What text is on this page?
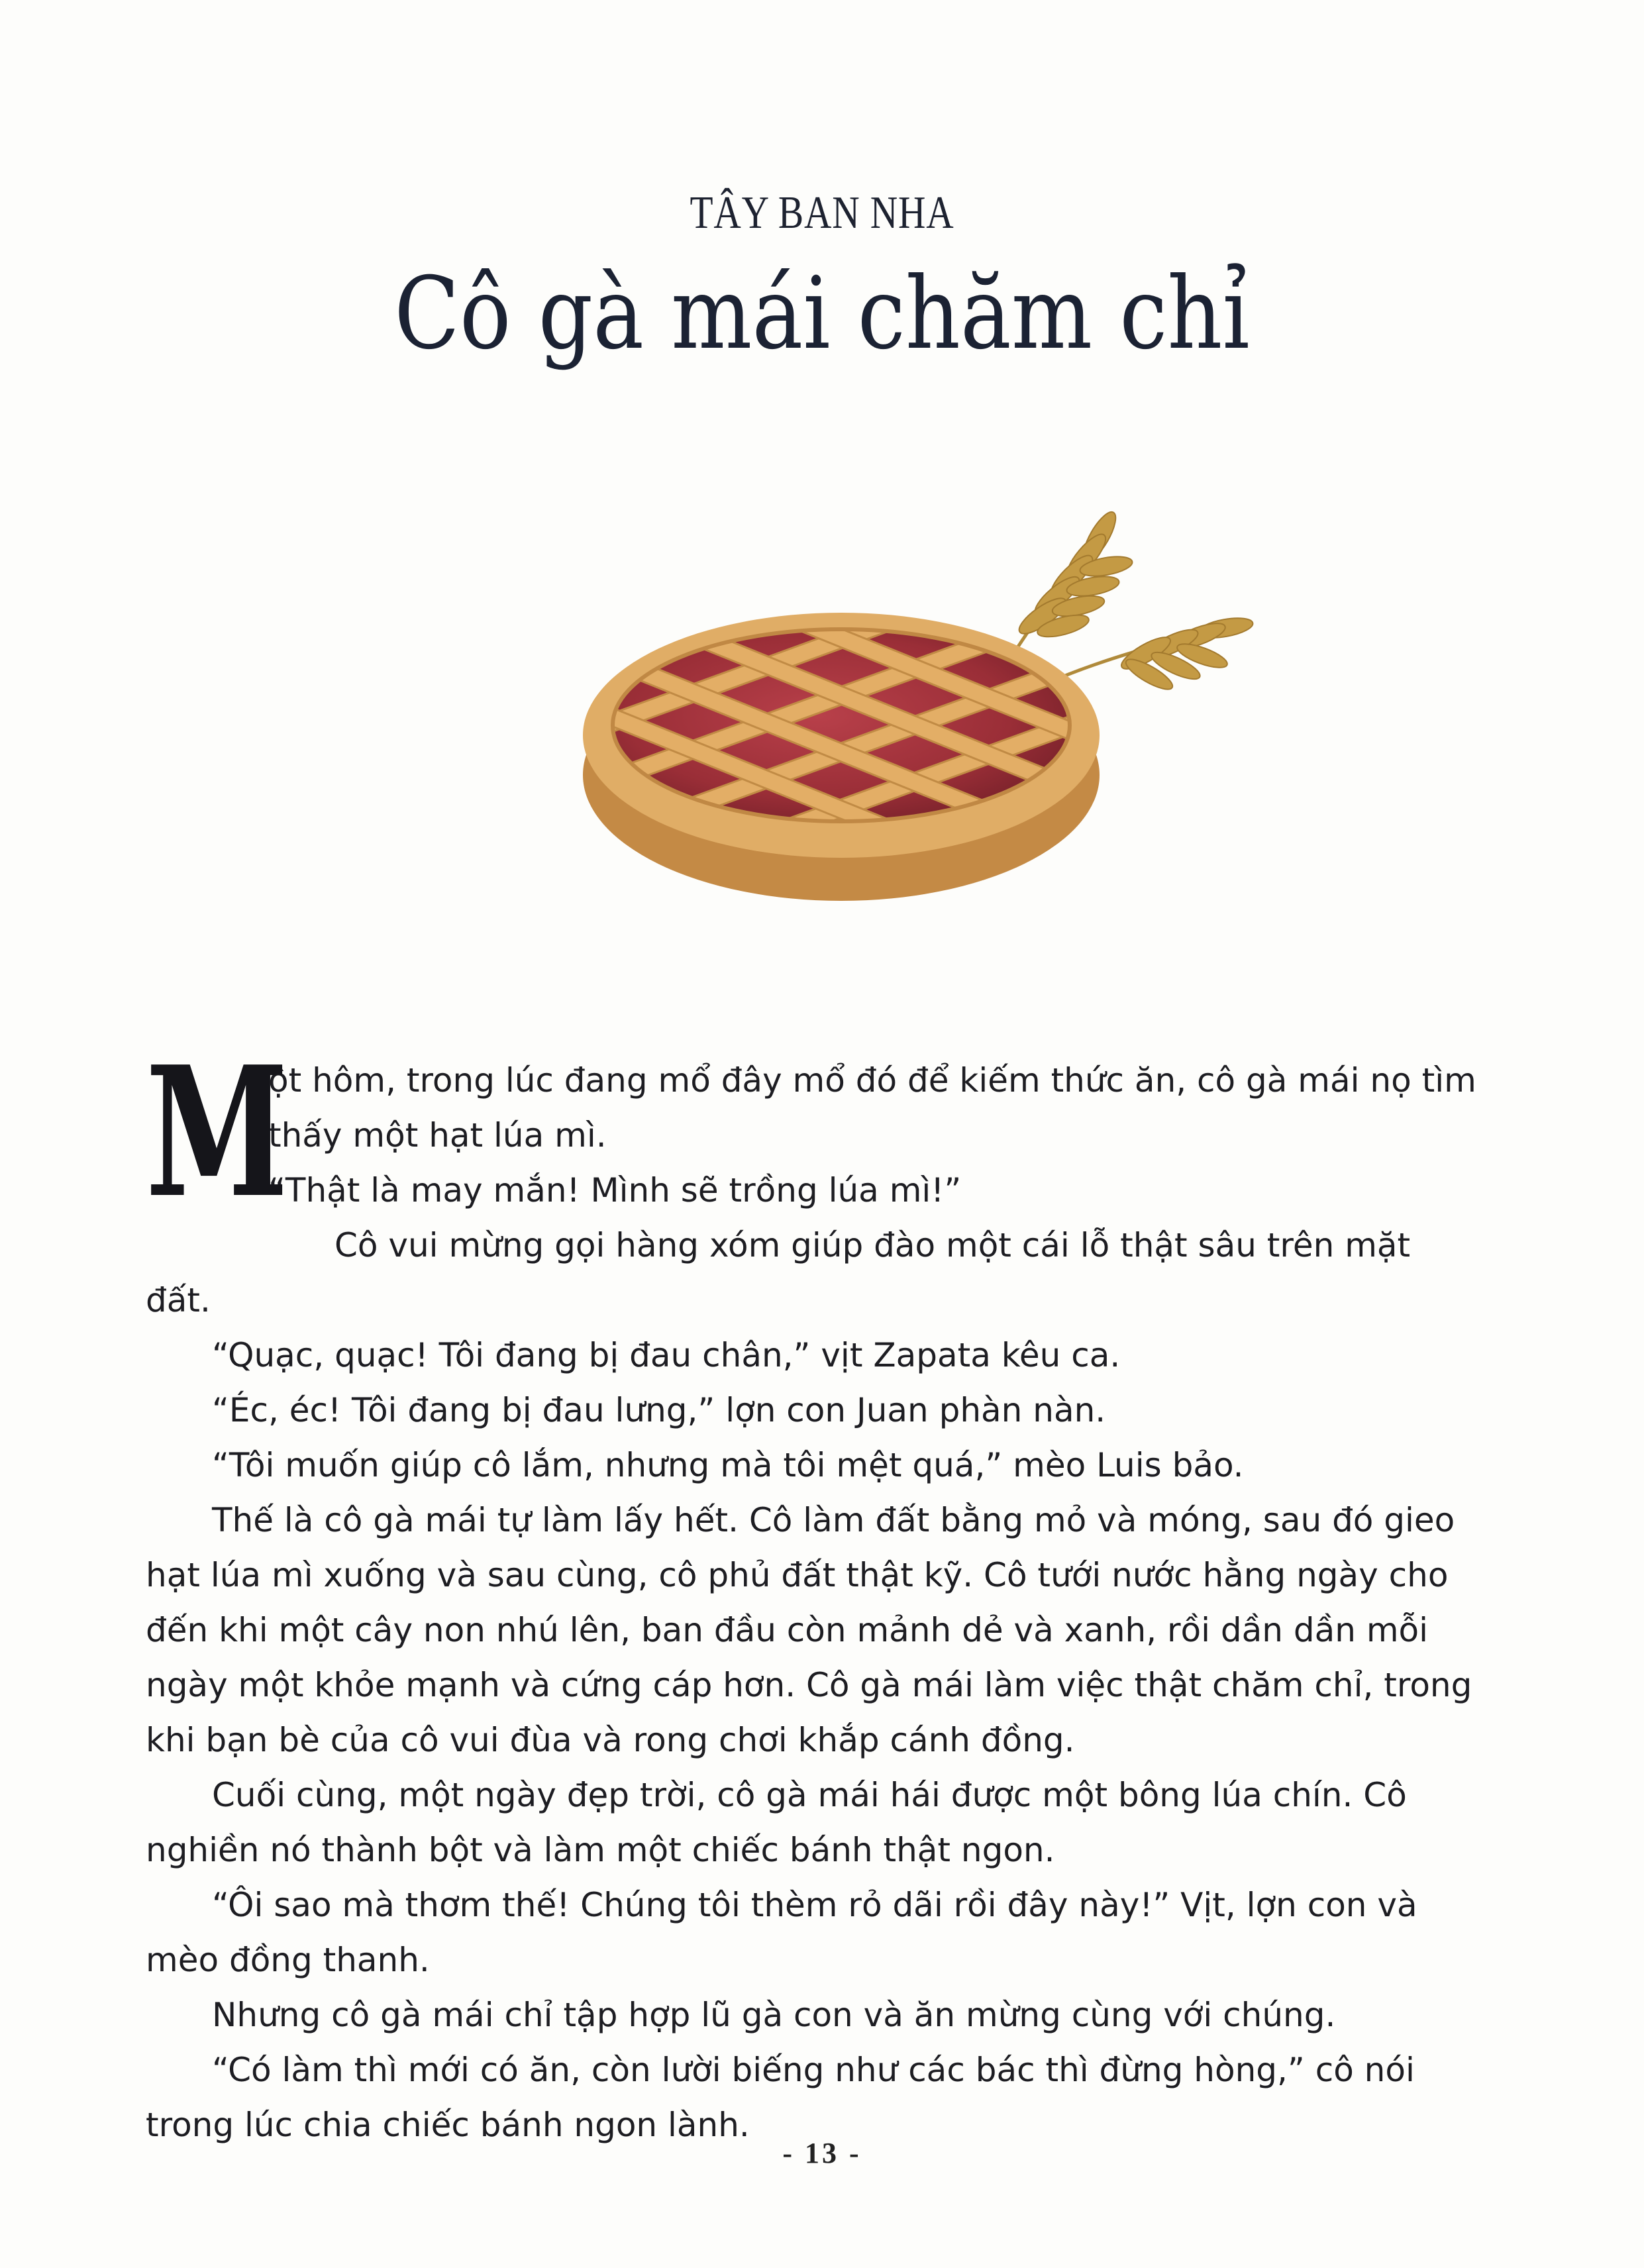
TÂY BAN NHA
Cô gà mái chăm chỉ
M

ột hôm, trong lúc đang mổ đây mổ đó để kiếm thức ăn, cô gà mái nọ tìm thấy một hạt lúa mì.

“Thật là may mắn! Mình sẽ trồng lúa mì!”

Cô vui mừng gọi hàng xóm giúp đào một cái lỗ thật sâu trên mặt đất.

“Quạc, quạc! Tôi đang bị đau chân,” vịt Zapata kêu ca.

“Éc, éc! Tôi đang bị đau lưng,” lợn con Juan phàn nàn.

“Tôi muốn giúp cô lắm, nhưng mà tôi mệt quá,” mèo Luis bảo.

Thế là cô gà mái tự làm lấy hết. Cô làm đất bằng mỏ và móng, sau đó gieo hạt lúa mì xuống và sau cùng, cô phủ đất thật kỹ. Cô tưới nước hằng ngày cho đến khi một cây non nhú lên, ban đầu còn mảnh dẻ và xanh, rồi dần dần mỗi ngày một khỏe mạnh và cứng cáp hơn. Cô gà mái làm việc thật chăm chỉ, trong khi bạn bè của cô vui đùa và rong chơi khắp cánh đồng.

Cuối cùng, một ngày đẹp trời, cô gà mái hái được một bông lúa chín. Cô nghiền nó thành bột và làm một chiếc bánh thật ngon.

“Ôi sao mà thơm thế! Chúng tôi thèm rỏ dãi rồi đây này!” Vịt, lợn con và mèo đồng thanh.

Nhưng cô gà mái chỉ tập hợp lũ gà con và ăn mừng cùng với chúng.

“Có làm thì mới có ăn, còn lười biếng như các bác thì đừng hòng,” cô nói trong lúc chia chiếc bánh ngon lành.

- 13 -
